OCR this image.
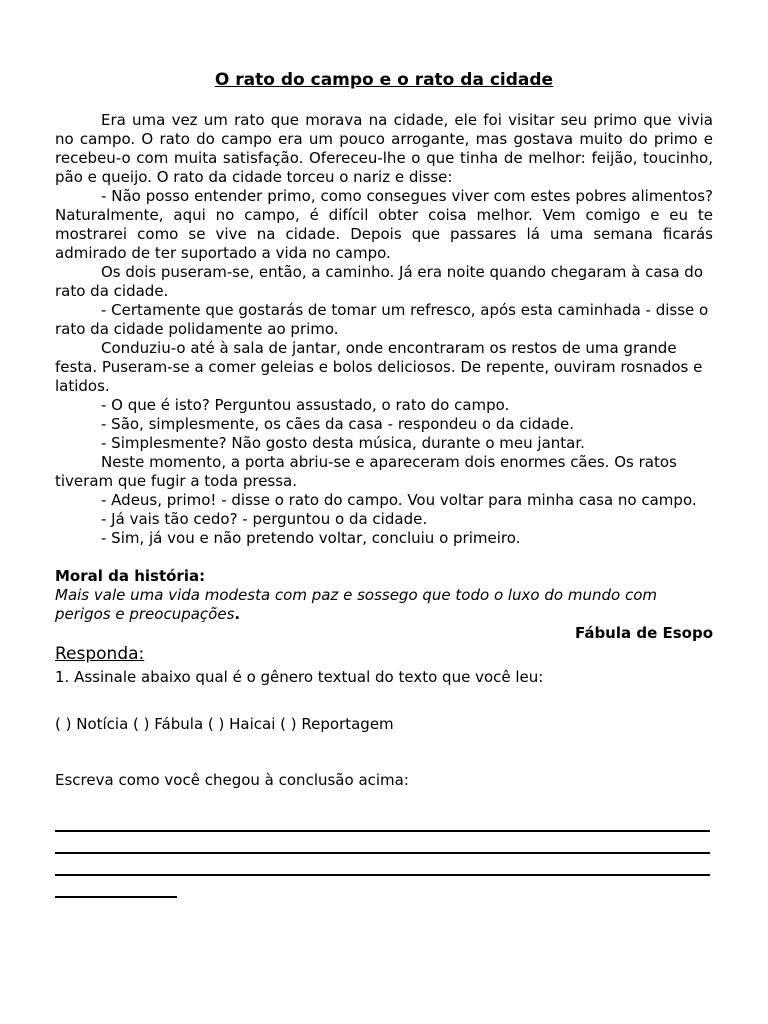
O rato do campo e o rato da cidade

Era uma vez um rato que morava na cidade, ele foi visitar seu primo que vivia no campo. O rato do campo era um pouco arrogante, mas gostava muito do primo e recebeu-o com muita satisfação. Ofereceu-lhe o que tinha de melhor: feijão, toucinho, pão e queijo. O rato da cidade torceu o nariz e disse:

- Não posso entender primo, como consegues viver com estes pobres alimentos? Naturalmente, aqui no campo, é difícil obter coisa melhor. Vem comigo e eu te mostrarei como se vive na cidade. Depois que passares lá uma semana ficarás admirado de ter suportado a vida no campo.

Os dois puseram-se, então, a caminho. Já era noite quando chegaram à casa do rato da cidade.

- Certamente que gostarás de tomar um refresco, após esta caminhada - disse o rato da cidade polidamente ao primo.

Conduziu-o até à sala de jantar, onde encontraram os restos de uma grande festa. Puseram-se a comer geleias e bolos deliciosos. De repente, ouviram rosnados e latidos.

- O que é isto? Perguntou assustado, o rato do campo.

- São, simplesmente, os cães da casa - respondeu o da cidade.

- Simplesmente? Não gosto desta música, durante o meu jantar.

Neste momento, a porta abriu-se e apareceram dois enormes cães. Os ratos tiveram que fugir a toda pressa.

- Adeus, primo! - disse o rato do campo. Vou voltar para minha casa no campo.

- Já vais tão cedo? - perguntou o da cidade.

- Sim, já vou e não pretendo voltar, concluiu o primeiro.

Moral da história:

Mais vale uma vida modesta com paz e sossego que todo o luxo do mundo com perigos e preocupações.

Fábula de Esopo

Responda:

1. Assinale abaixo qual é o gênero textual do texto que você leu:

( ) Notícia ( ) Fábula ( ) Haicai ( ) Reportagem

Escreva como você chegou à conclusão acima:
